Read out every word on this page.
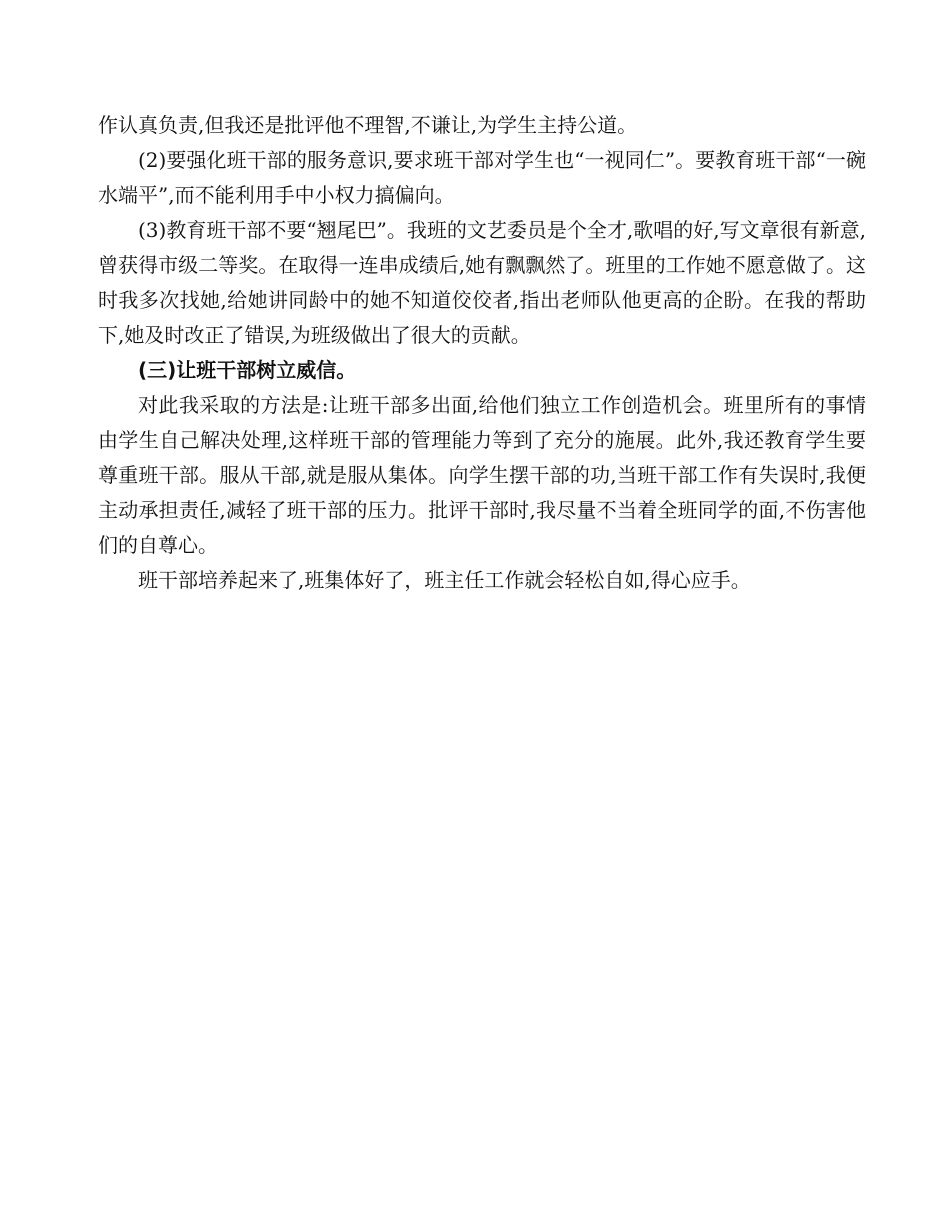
作认真负责,但我还是批评他不理智,不谦让,为学生主持公道。

(2)要强化班干部的服务意识,要求班干部对学生也“一视同仁”。要教育班干部“一碗水端平”,而不能利用手中小权力搞偏向。

(3)教育班干部不要“翘尾巴”。我班的文艺委员是个全才,歌唱的好,写文章很有新意,曾获得市级二等奖。在取得一连串成绩后,她有飘飘然了。班里的工作她不愿意做了。这时我多次找她,给她讲同龄中的她不知道佼佼者,指出老师队他更高的企盼。在我的帮助下,她及时改正了错误,为班级做出了很大的贡献。

(三)让班干部树立威信。

对此我采取的方法是:让班干部多出面,给他们独立工作创造机会。班里所有的事情由学生自己解决处理,这样班干部的管理能力等到了充分的施展。此外,我还教育学生要尊重班干部。服从干部,就是服从集体。向学生摆干部的功,当班干部工作有失误时,我便主动承担责任,减轻了班干部的压力。批评干部时,我尽量不当着全班同学的面,不伤害他们的自尊心。

班干部培养起来了,班集体好了，班主任工作就会轻松自如,得心应手。
